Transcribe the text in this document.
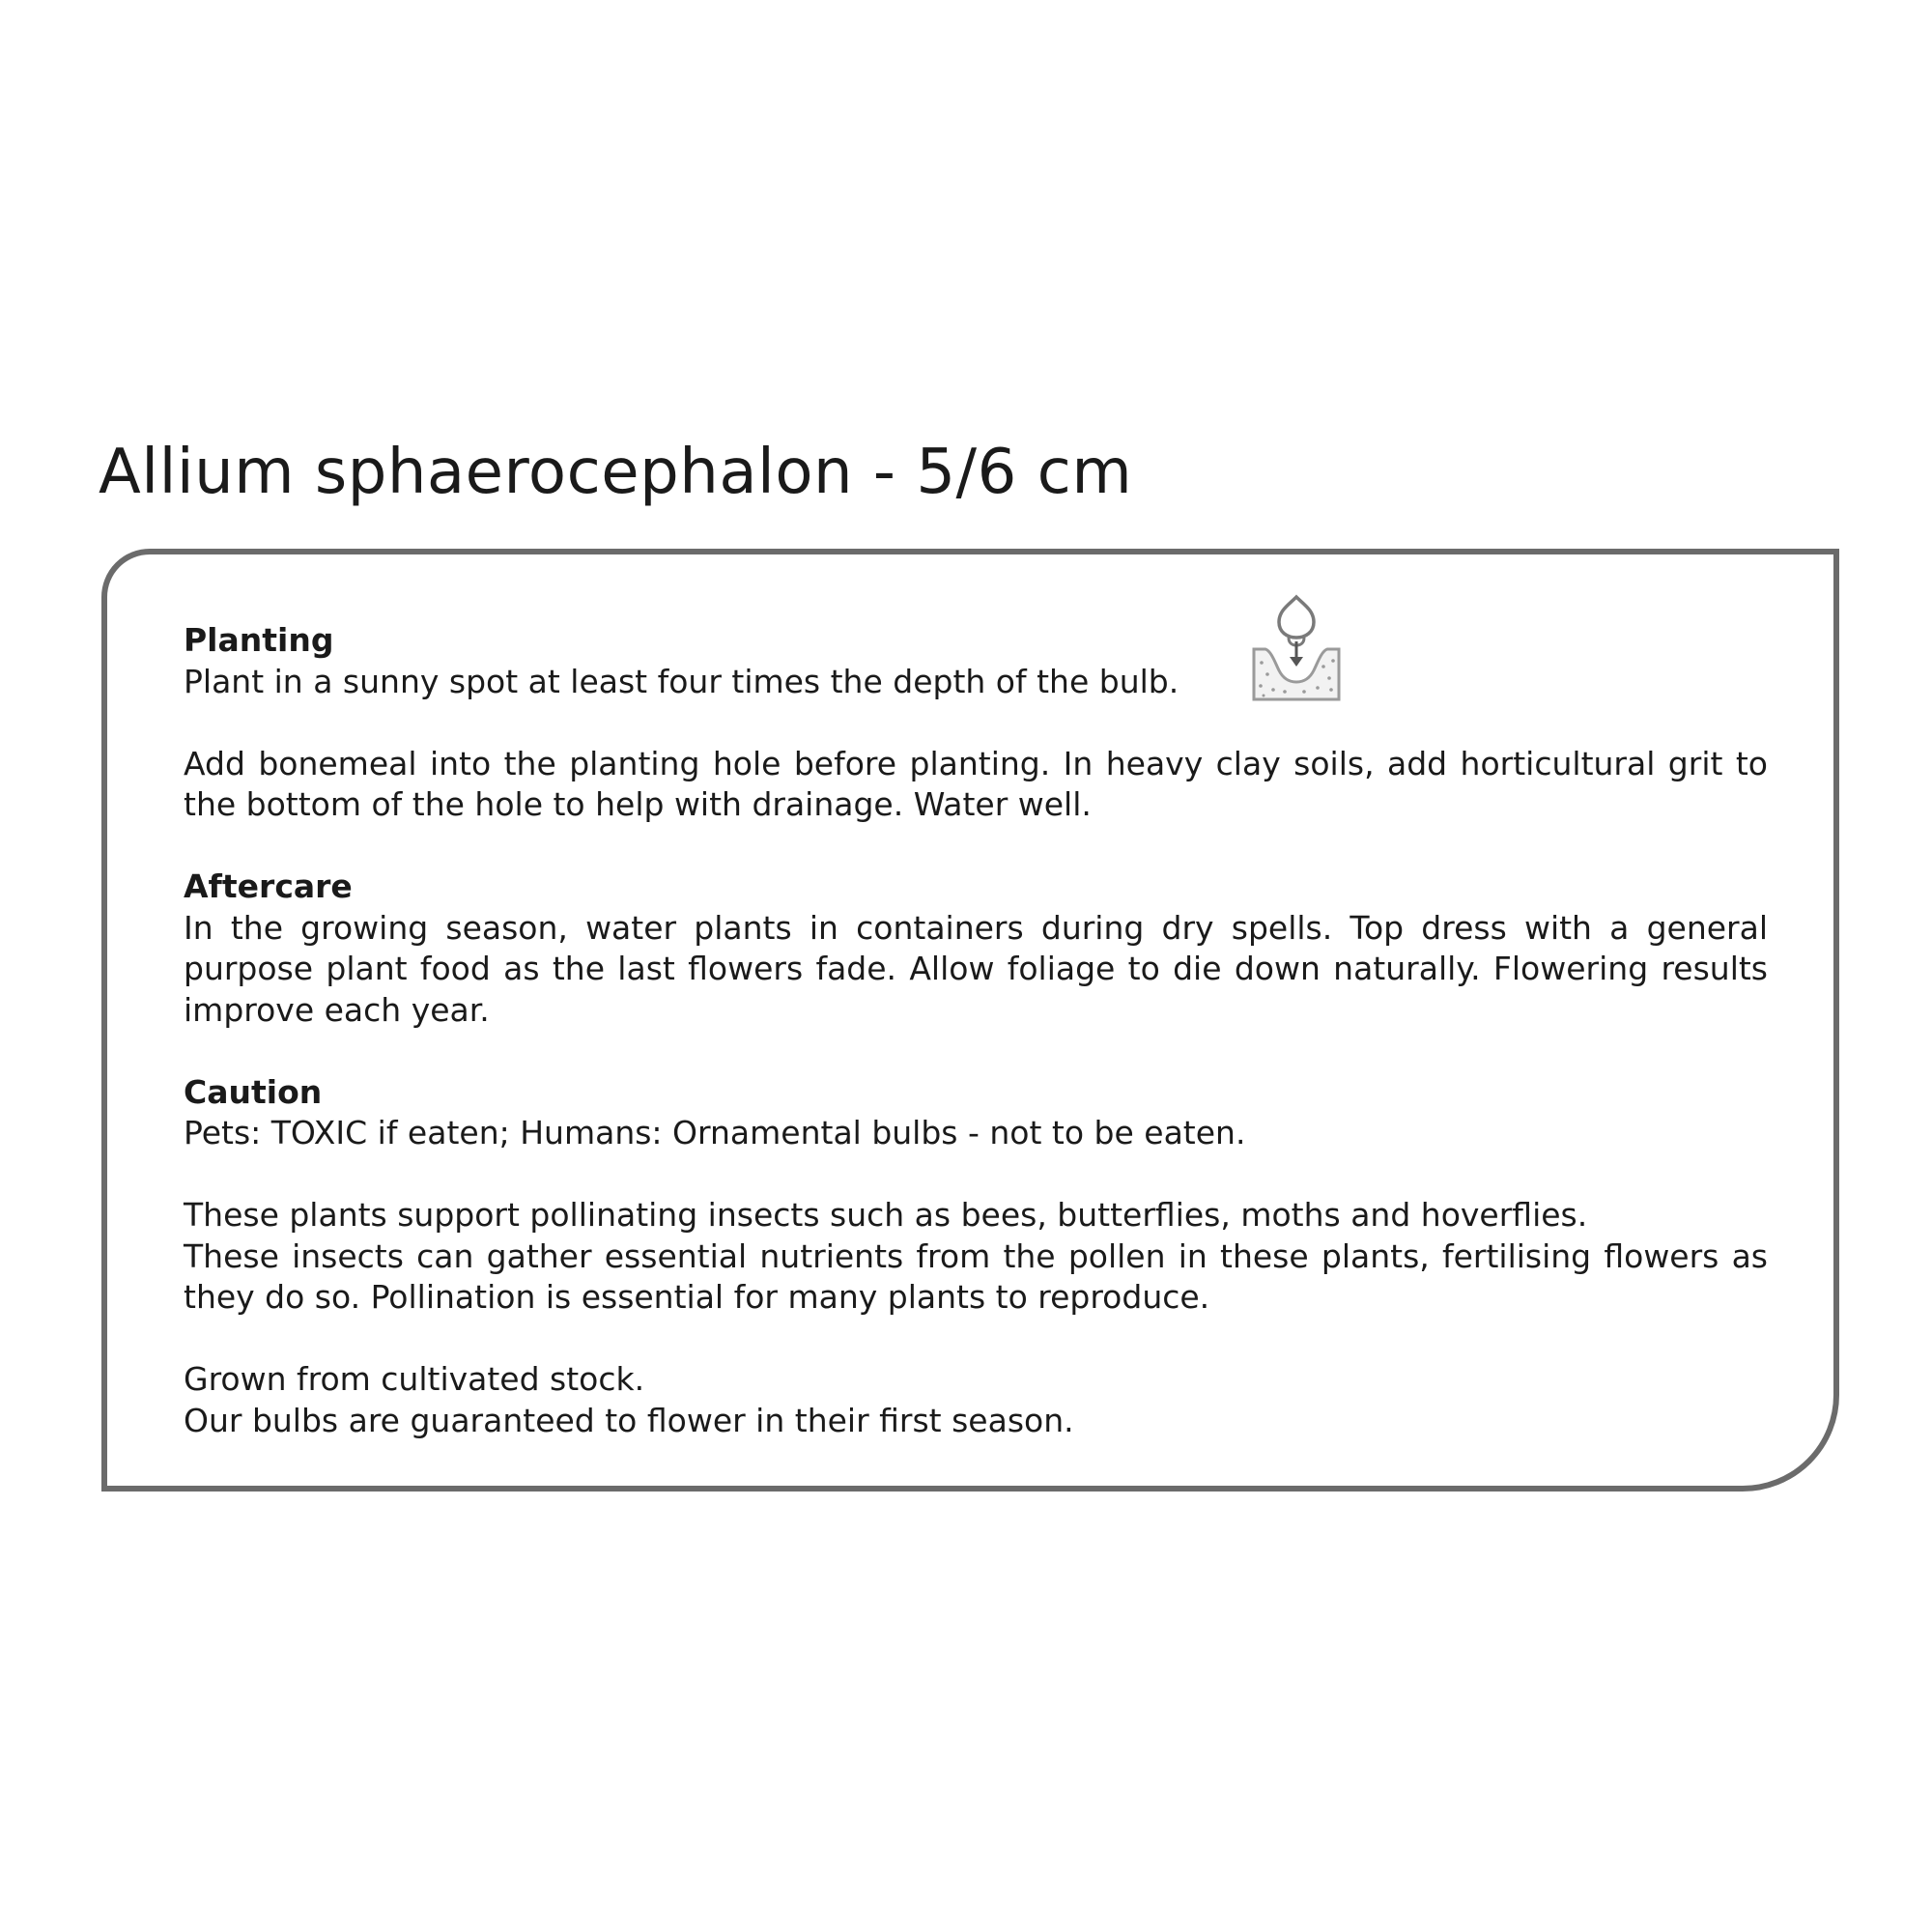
Allium sphaerocephalon - 5/6 cm

Planting

Plant in a sunny spot at least four times the depth of the bulb.

Add bonemeal into the planting hole before planting. In heavy clay soils, add horticultural grit to the bottom of the hole to help with drainage. Water well.

Aftercare

In the growing season, water plants in containers during dry spells. Top dress with a general purpose plant food as the last flowers fade. Allow foliage to die down naturally. Flowering results improve each year.

Caution

Pets: TOXIC if eaten; Humans: Ornamental bulbs - not to be eaten.

These plants support pollinating insects such as bees, butterflies, moths and hoverflies.
These insects can gather essential nutrients from the pollen in these plants, fertilising flowers as they do so. Pollination is essential for many plants to reproduce.

Grown from cultivated stock.
Our bulbs are guaranteed to flower in their first season.
